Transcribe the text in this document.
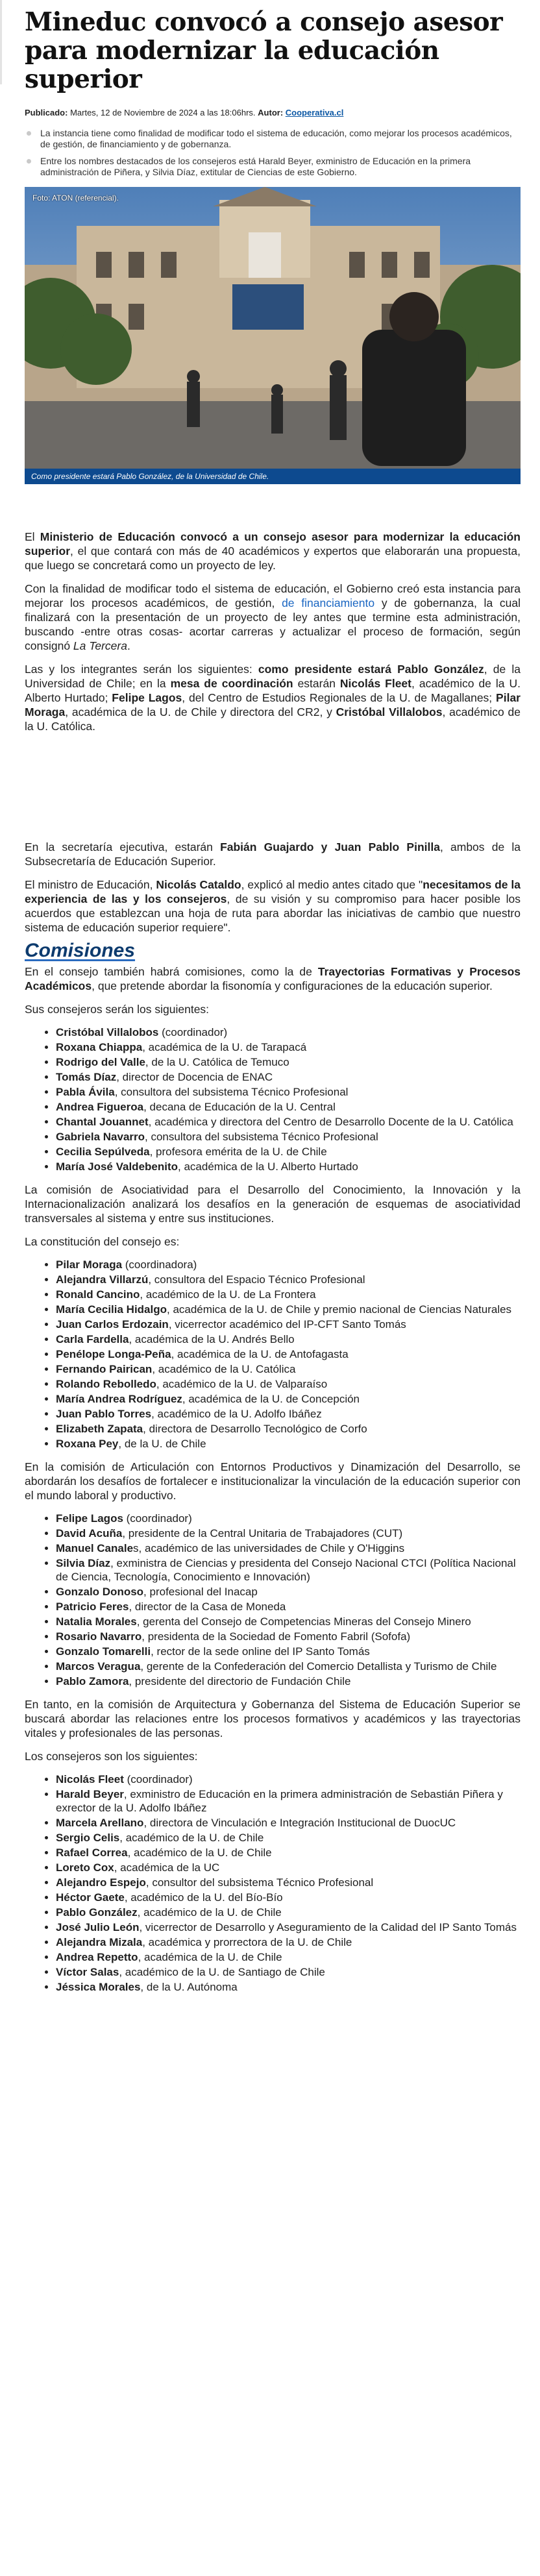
Mineduc convocó a consejo asesor para modernizar la educación superior
Publicado: Martes, 12 de Noviembre de 2024 a las 18:06hrs. Autor: Cooperativa.cl
La instancia tiene como finalidad de modificar todo el sistema de educación, como mejorar los procesos académicos, de gestión, de financiamiento y de gobernanza.
Entre los nombres destacados de los consejeros está Harald Beyer, exministro de Educación en la primera administración de Piñera, y Silvia Díaz, extitular de Ciencias de este Gobierno.
Foto: ATON (referencial).
Como presidente estará Pablo González, de la Universidad de Chile.

El Ministerio de Educación convocó a un consejo asesor para modernizar la educación superior, el que contará con más de 40 académicos y expertos que elaborarán una propuesta, que luego se concretará como un proyecto de ley.

Con la finalidad de modificar todo el sistema de educación, el Gobierno creó esta instancia para mejorar los procesos académicos, de gestión, de financiamiento y de gobernanza, la cual finalizará con la presentación de un proyecto de ley antes que termine esta administración, buscando -entre otras cosas- acortar carreras y actualizar el proceso de formación, según consignó La Tercera.

Las y los integrantes serán los siguientes: como presidente estará Pablo González, de la Universidad de Chile; en la mesa de coordinación estarán Nicolás Fleet, académico de la U. Alberto Hurtado; Felipe Lagos, del Centro de Estudios Regionales de la U. de Magallanes; Pilar Moraga, académica de la U. de Chile y directora del CR2, y Cristóbal Villalobos, académico de la U. Católica.

En la secretaría ejecutiva, estarán Fabián Guajardo y Juan Pablo Pinilla, ambos de la Subsecretaría de Educación Superior.

El ministro de Educación, Nicolás Cataldo, explicó al medio antes citado que "necesitamos de la experiencia de las y los consejeros, de su visión y su compromiso para hacer posible los acuerdos que establezcan una hoja de ruta para abordar las iniciativas de cambio que nuestro sistema de educación superior requiere".

Comisiones

En el consejo también habrá comisiones, como la de Trayectorias Formativas y Procesos Académicos, que pretende abordar la fisonomía y configuraciones de la educación superior.

Sus consejeros serán los siguientes:

• Cristóbal Villalobos (coordinador)
• Roxana Chiappa, académica de la U. de Tarapacá
• Rodrigo del Valle, de la U. Católica de Temuco
• Tomás Díaz, director de Docencia de ENAC
• Pabla Ávila, consultora del subsistema Técnico Profesional
• Andrea Figueroa, decana de Educación de la U. Central
• Chantal Jouannet, académica y directora del Centro de Desarrollo Docente de la U. Católica
• Gabriela Navarro, consultora del subsistema Técnico Profesional
• Cecilia Sepúlveda, profesora emérita de la U. de Chile
• María José Valdebenito, académica de la U. Alberto Hurtado

La comisión de Asociatividad para el Desarrollo del Conocimiento, la Innovación y la Internacionalización analizará los desafíos en la generación de esquemas de asociatividad transversales al sistema y entre sus instituciones.

La constitución del consejo es:

• Pilar Moraga (coordinadora)
• Alejandra Villarzú, consultora del Espacio Técnico Profesional
• Ronald Cancino, académico de la U. de La Frontera
• María Cecilia Hidalgo, académica de la U. de Chile y premio nacional de Ciencias Naturales
• Juan Carlos Erdozain, vicerrector académico del IP-CFT Santo Tomás
• Carla Fardella, académica de la U. Andrés Bello
• Penélope Longa-Peña, académica de la U. de Antofagasta
• Fernando Pairican, académico de la U. Católica
• Rolando Rebolledo, académico de la U. de Valparaíso
• María Andrea Rodríguez, académica de la U. de Concepción
• Juan Pablo Torres, académico de la U. Adolfo Ibáñez
• Elizabeth Zapata, directora de Desarrollo Tecnológico de Corfo
• Roxana Pey, de la U. de Chile

En la comisión de Articulación con Entornos Productivos y Dinamización del Desarrollo, se abordarán los desafíos de fortalecer e institucionalizar la vinculación de la educación superior con el mundo laboral y productivo.

• Felipe Lagos (coordinador)
• David Acuña, presidente de la Central Unitaria de Trabajadores (CUT)
• Manuel Canales, académico de las universidades de Chile y O'Higgins
• Silvia Díaz, exministra de Ciencias y presidenta del Consejo Nacional CTCI (Política Nacional de Ciencia, Tecnología, Conocimiento e Innovación)
• Gonzalo Donoso, profesional del Inacap
• Patricio Feres, director de la Casa de Moneda
• Natalia Morales, gerenta del Consejo de Competencias Mineras del Consejo Minero
• Rosario Navarro, presidenta de la Sociedad de Fomento Fabril (Sofofa)
• Gonzalo Tomarelli, rector de la sede online del IP Santo Tomás
• Marcos Veragua, gerente de la Confederación del Comercio Detallista y Turismo de Chile
• Pablo Zamora, presidente del directorio de Fundación Chile

En tanto, en la comisión de Arquitectura y Gobernanza del Sistema de Educación Superior se buscará abordar las relaciones entre los procesos formativos y académicos y las trayectorias vitales y profesionales de las personas.

Los consejeros son los siguientes:

• Nicolás Fleet (coordinador)
• Harald Beyer, exministro de Educación en la primera administración de Sebastián Piñera y exrector de la U. Adolfo Ibáñez
• Marcela Arellano, directora de Vinculación e Integración Institucional de DuocUC
• Sergio Celis, académico de la U. de Chile
• Rafael Correa, académico de la U. de Chile
• Loreto Cox, académica de la UC
• Alejandro Espejo, consultor del subsistema Técnico Profesional
• Héctor Gaete, académico de la U. del Bío-Bío
• Pablo González, académico de la U. de Chile
• José Julio León, vicerrector de Desarrollo y Aseguramiento de la Calidad del IP Santo Tomás
• Alejandra Mizala, académica y prorrectora de la U. de Chile
• Andrea Repetto, académica de la U. de Chile
• Víctor Salas, académico de la U. de Santiago de Chile
• Jéssica Morales, de la U. Autónoma
